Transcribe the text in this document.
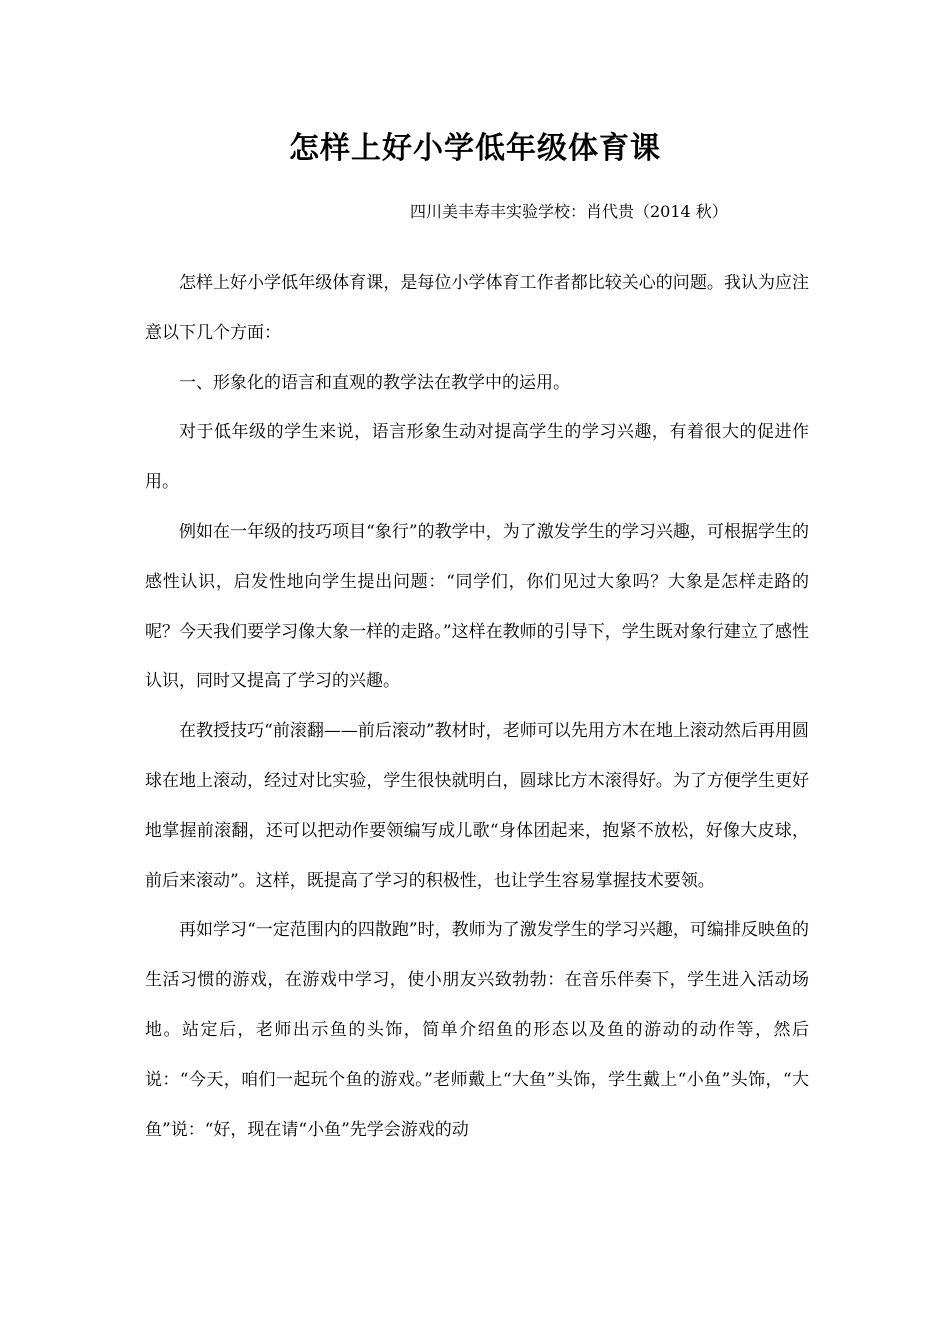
怎样上好小学低年级体育课

四川美丰寿丰实验学校：肖代贵（2014 秋）

怎样上好小学低年级体育课，是每位小学体育工作者都比较关心的问题。我认为应注意以下几个方面：

一、形象化的语言和直观的教学法在教学中的运用。

对于低年级的学生来说，语言形象生动对提高学生的学习兴趣，有着很大的促进作用。

例如在一年级的技巧项目“象行”的教学中，为了激发学生的学习兴趣，可根据学生的感性认识，启发性地向学生提出问题：“同学们，你们见过大象吗？大象是怎样走路的呢？今天我们要学习像大象一样的走路。”这样在教师的引导下，学生既对象行建立了感性认识，同时又提高了学习的兴趣。

在教授技巧“前滚翻——前后滚动”教材时，老师可以先用方木在地上滚动然后再用圆球在地上滚动，经过对比实验，学生很快就明白，圆球比方木滚得好。为了方便学生更好地掌握前滚翻，还可以把动作要领编写成儿歌“身体团起来，抱紧不放松，好像大皮球，前后来滚动”。这样，既提高了学习的积极性，也让学生容易掌握技术要领。

再如学习“一定范围内的四散跑”时，教师为了激发学生的学习兴趣，可编排反映鱼的生活习惯的游戏，在游戏中学习，使小朋友兴致勃勃：在音乐伴奏下，学生进入活动场地。站定后，老师出示鱼的头饰，简单介绍鱼的形态以及鱼的游动的动作等，然后说：“今天，咱们一起玩个鱼的游戏。”老师戴上“大鱼”头饰，学生戴上“小鱼”头饰，“大鱼”说：“好，现在请“小鱼”先学会游戏的动
